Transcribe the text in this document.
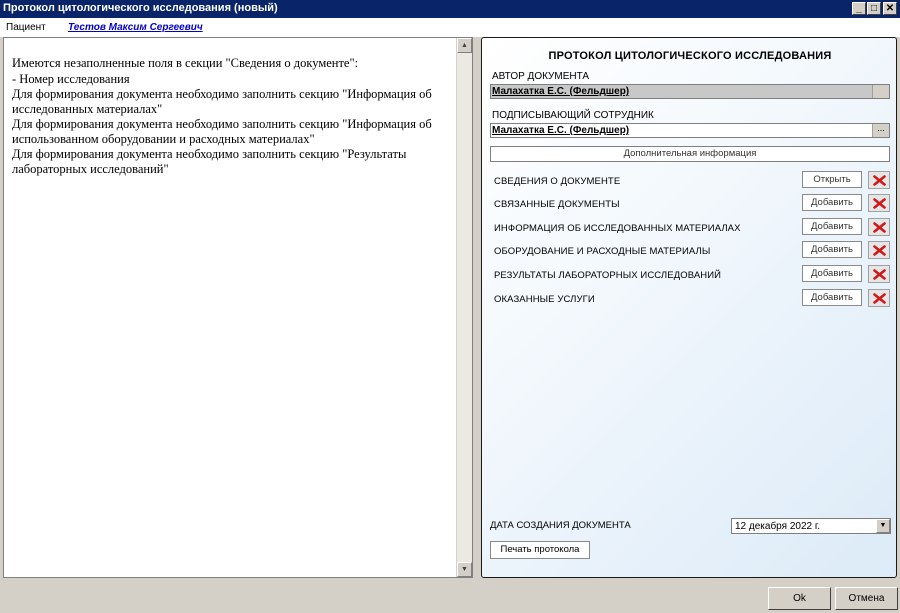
Протокол цитологического исследования (новый)	_ □ ✕
Пациент Тестов Максим Сергеевич
Имеются незаполненные поля в секции "Сведения о документе":
- Номер исследования
Для формирования документа необходимо заполнить секцию "Информация об исследованных материалах"
Для формирования документа необходимо заполнить секцию "Информация об использованном оборудовании и расходных материалах"
Для формирования документа необходимо заполнить секцию "Результаты лабораторных исследований"
▲
▼
ПРОТОКОЛ ЦИТОЛОГИЧЕСКОГО ИССЛЕДОВАНИЯ
АВТОР ДОКУМЕНТА
Малахатка Е.С. (Фельдшер)
ПОДПИСЫВАЮЩИЙ СОТРУДНИК
Малахатка Е.С. (Фельдшер)	...
Дополнительная информация
СВЕДЕНИЯ О ДОКУМЕНТЕ	Открыть
СВЯЗАННЫЕ ДОКУМЕНТЫ	Добавить
ИНФОРМАЦИЯ ОБ ИССЛЕДОВАННЫХ МАТЕРИАЛАХ	Добавить
ОБОРУДОВАНИЕ И РАСХОДНЫЕ МАТЕРИАЛЫ	Добавить
РЕЗУЛЬТАТЫ ЛАБОРАТОРНЫХ ИССЛЕДОВАНИЙ	Добавить
ОКАЗАННЫЕ УСЛУГИ	Добавить
ДАТА СОЗДАНИЯ ДОКУМЕНТА	12 декабря 2022 г.	▼
Печать протокола
Ok	Отмена
